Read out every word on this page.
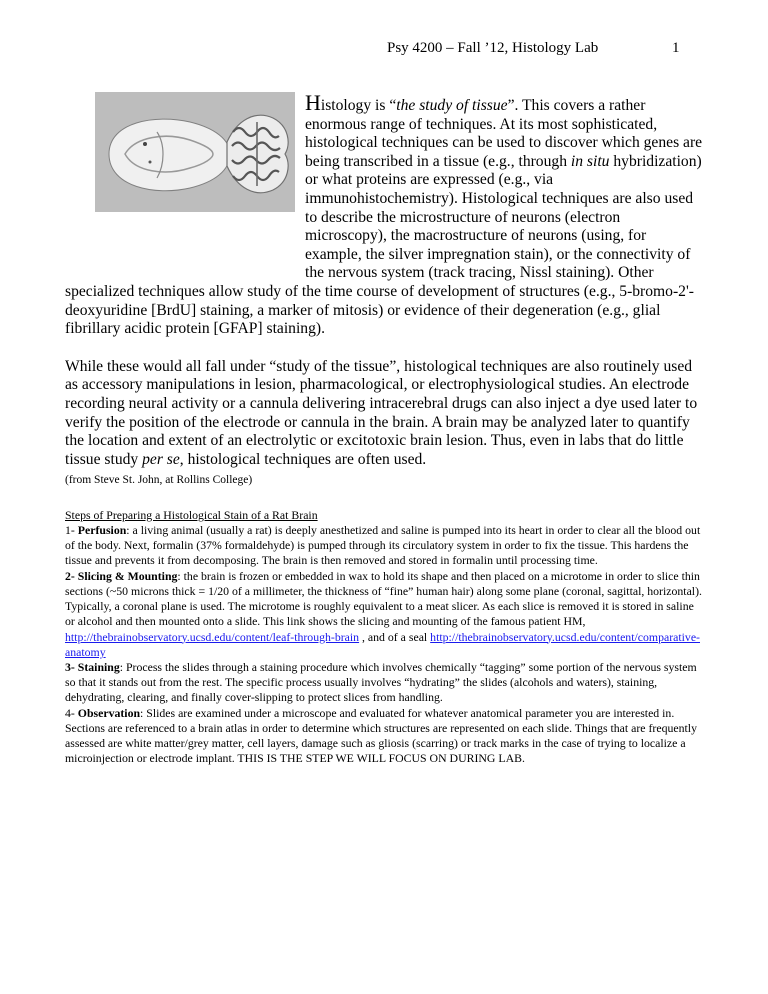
Psy 4200 – Fall ’12, Histology Lab	1

Histology is “the study of tissue”. This covers a rather enormous range of techniques. At its most sophisticated, histological techniques can be used to discover which genes are being transcribed in a tissue (e.g., through in situ hybridization) or what proteins are expressed (e.g., via immunohistochemistry). Histological techniques are also used to describe the microstructure of neurons (electron microscopy), the macrostructure of neurons (using, for example, the silver impregnation stain), or the connectivity of the nervous system (track tracing, Nissl staining). Other specialized techniques allow study of the time course of development of structures (e.g., 5-bromo-2'-deoxyuridine [BrdU] staining, a marker of mitosis) or evidence of their degeneration (e.g., glial fibrillary acidic protein [GFAP] staining).

While these would all fall under “study of the tissue”, histological techniques are also routinely used as accessory manipulations in lesion, pharmacological, or electrophysiological studies. An electrode recording neural activity or a cannula delivering intracerebral drugs can also inject a dye used later to verify the position of the electrode or cannula in the brain. A brain may be analyzed later to quantify the location and extent of an electrolytic or excitotoxic brain lesion. Thus, even in labs that do little tissue study per se, histological techniques are often used.

(from Steve St. John, at Rollins College)

Steps of Preparing a Histological Stain of a Rat Brain
1- Perfusion: a living animal (usually a rat) is deeply anesthetized and saline is pumped into its heart in order to clear all the blood out of the body. Next, formalin (37% formaldehyde) is pumped through its circulatory system in order to fix the tissue. This hardens the tissue and prevents it from decomposing. The brain is then removed and stored in formalin until processing time.
2- Slicing & Mounting: the brain is frozen or embedded in wax to hold its shape and then placed on a microtome in order to slice thin sections (~50 microns thick = 1/20 of a millimeter, the thickness of “fine” human hair) along some plane (coronal, sagittal, horizontal). Typically, a coronal plane is used. The microtome is roughly equivalent to a meat slicer. As each slice is removed it is stored in saline or alcohol and then mounted onto a slide. This link shows the slicing and mounting of the famous patient HM, http://thebrainobservatory.ucsd.edu/content/leaf-through-brain , and of a seal http://thebrainobservatory.ucsd.edu/content/comparative-anatomy
3- Staining: Process the slides through a staining procedure which involves chemically “tagging” some portion of the nervous system so that it stands out from the rest. The specific process usually involves “hydrating” the slides (alcohols and waters), staining, dehydrating, clearing, and finally cover-slipping to protect slices from handling.
4- Observation: Slides are examined under a microscope and evaluated for whatever anatomical parameter you are interested in. Sections are referenced to a brain atlas in order to determine which structures are represented on each slide. Things that are frequently assessed are white matter/grey matter, cell layers, damage such as gliosis (scarring) or track marks in the case of trying to localize a microinjection or electrode implant. THIS IS THE STEP WE WILL FOCUS ON DURING LAB.
